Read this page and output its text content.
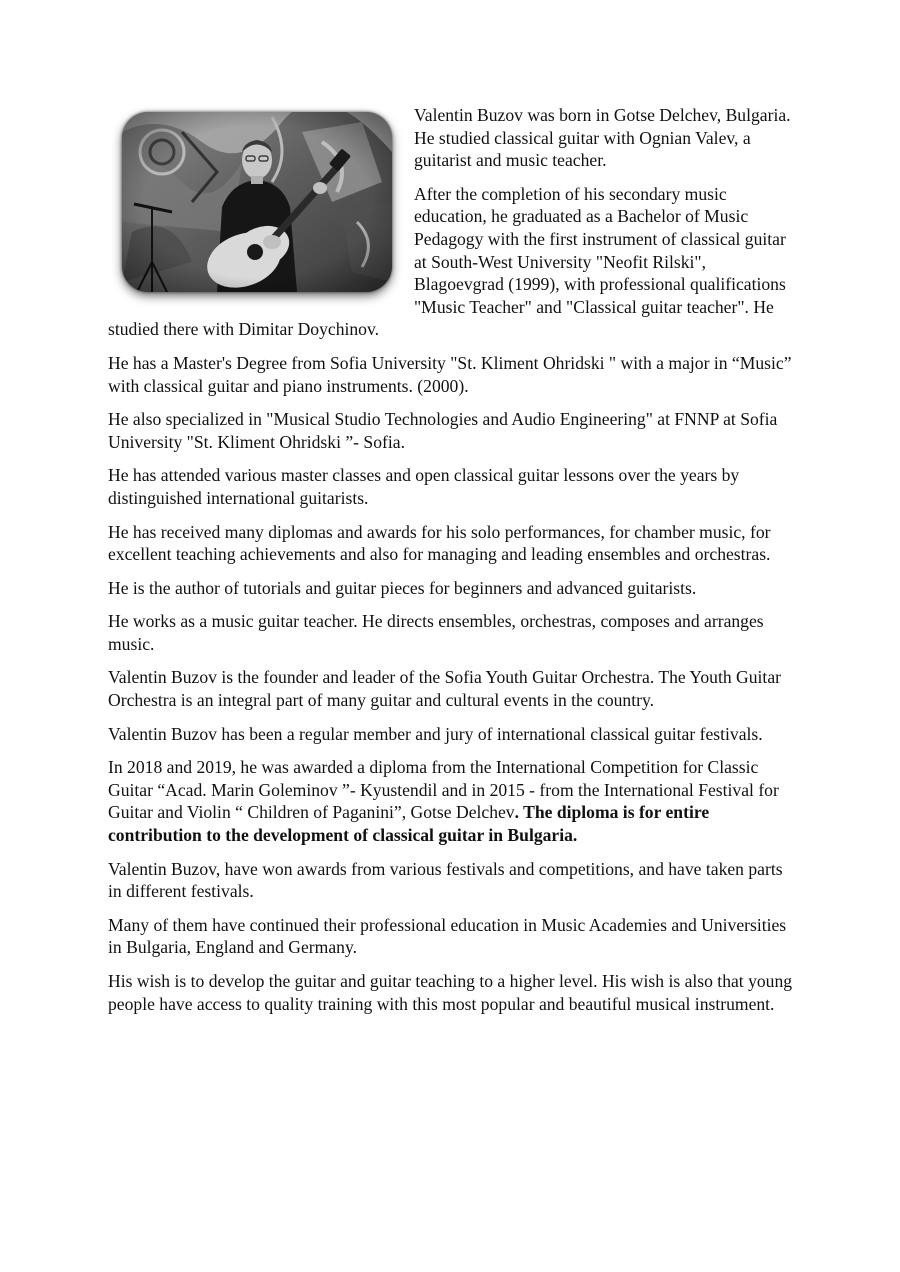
Valentin Buzov was born in Gotse Delchev, Bulgaria. He studied classical guitar with Ognian Valev, a guitarist and music teacher.

After the completion of his secondary music education, he graduated as a Bachelor of Music Pedagogy with the first instrument of classical guitar at South-West University "Neofit Rilski", Blagoevgrad (1999), with professional qualifications "Music Teacher" and "Classical guitar teacher". He studied there with Dimitar Doychinov.

He has a Master's Degree from Sofia University "St. Kliment Ohridski " with a major in “Music” with classical guitar and piano instruments. (2000).

He also specialized in "Musical Studio Technologies and Audio Engineering" at FNNP at Sofia University "St. Kliment Ohridski ”- Sofia.

He has attended various master classes and open classical guitar lessons over the years by distinguished international guitarists.

He has received many diplomas and awards for his solo performances, for chamber music, for excellent teaching achievements and also for managing and leading ensembles and orchestras.

He is the author of tutorials and guitar pieces for beginners and advanced guitarists.

He works as a music guitar teacher. He directs ensembles, orchestras, composes and arranges music.

Valentin Buzov is the founder and leader of the Sofia Youth Guitar Orchestra. The Youth Guitar Orchestra is an integral part of many guitar and cultural events in the country.

Valentin Buzov has been a regular member and jury of international classical guitar festivals.

In 2018 and 2019, he was awarded a diploma from the International Competition for Classic Guitar “Acad. Marin Goleminov ”- Kyustendil and in 2015 - from the International Festival for Guitar and Violin “ Children of Paganini”, Gotse Delchev. The diploma is for entire contribution to the development of classical guitar in Bulgaria.

Valentin Buzov, have won awards from various festivals and competitions, and have taken parts in different festivals.

Many of them have continued their professional education in Music Academies and Universities in Bulgaria, England and Germany.

His wish is to develop the guitar and guitar teaching to a higher level. His wish is also that young people have access to quality training with this most popular and beautiful musical instrument.
